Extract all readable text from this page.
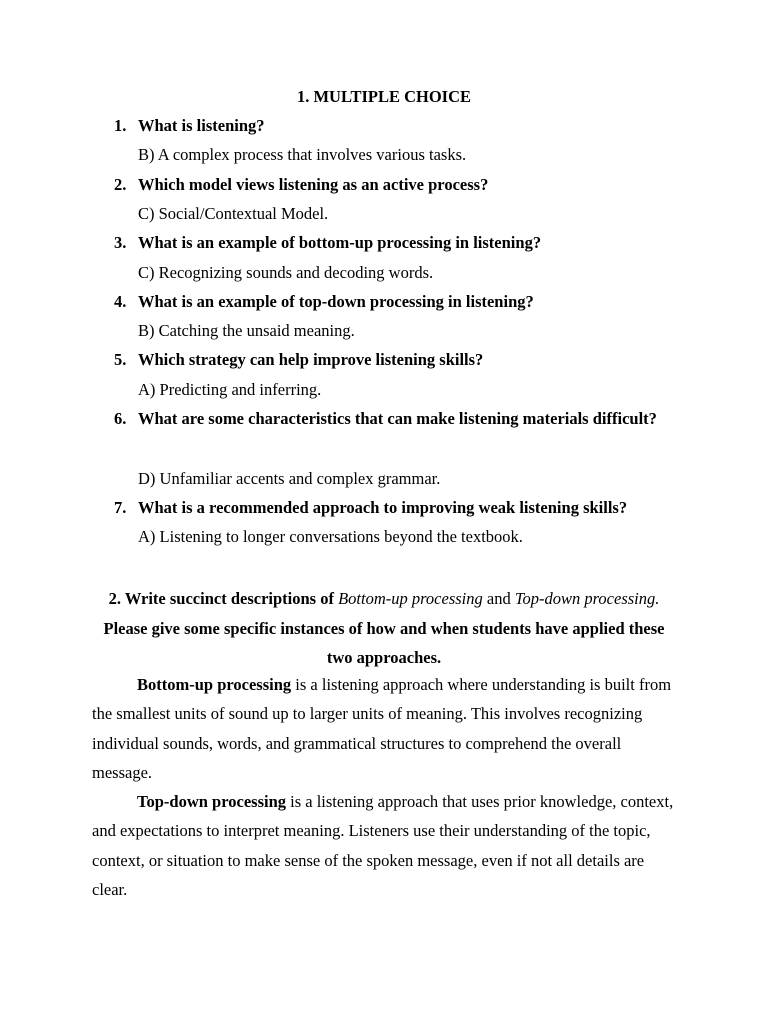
1. MULTIPLE CHOICE
1. What is listening?
B) A complex process that involves various tasks.
2. Which model views listening as an active process?
C) Social/Contextual Model.
3. What is an example of bottom-up processing in listening?
C) Recognizing sounds and decoding words.
4. What is an example of top-down processing in listening?
B) Catching the unsaid meaning.
5. Which strategy can help improve listening skills?
A) Predicting and inferring.
6. What are some characteristics that can make listening materials difficult?
D) Unfamiliar accents and complex grammar.
7. What is a recommended approach to improving weak listening skills?
A) Listening to longer conversations beyond the textbook.
2. Write succinct descriptions of Bottom-up processing and Top-down processing. Please give some specific instances of how and when students have applied these two approaches.
Bottom-up processing is a listening approach where understanding is built from the smallest units of sound up to larger units of meaning. This involves recognizing individual sounds, words, and grammatical structures to comprehend the overall message.
Top-down processing is a listening approach that uses prior knowledge, context, and expectations to interpret meaning. Listeners use their understanding of the topic, context, or situation to make sense of the spoken message, even if not all details are clear.
